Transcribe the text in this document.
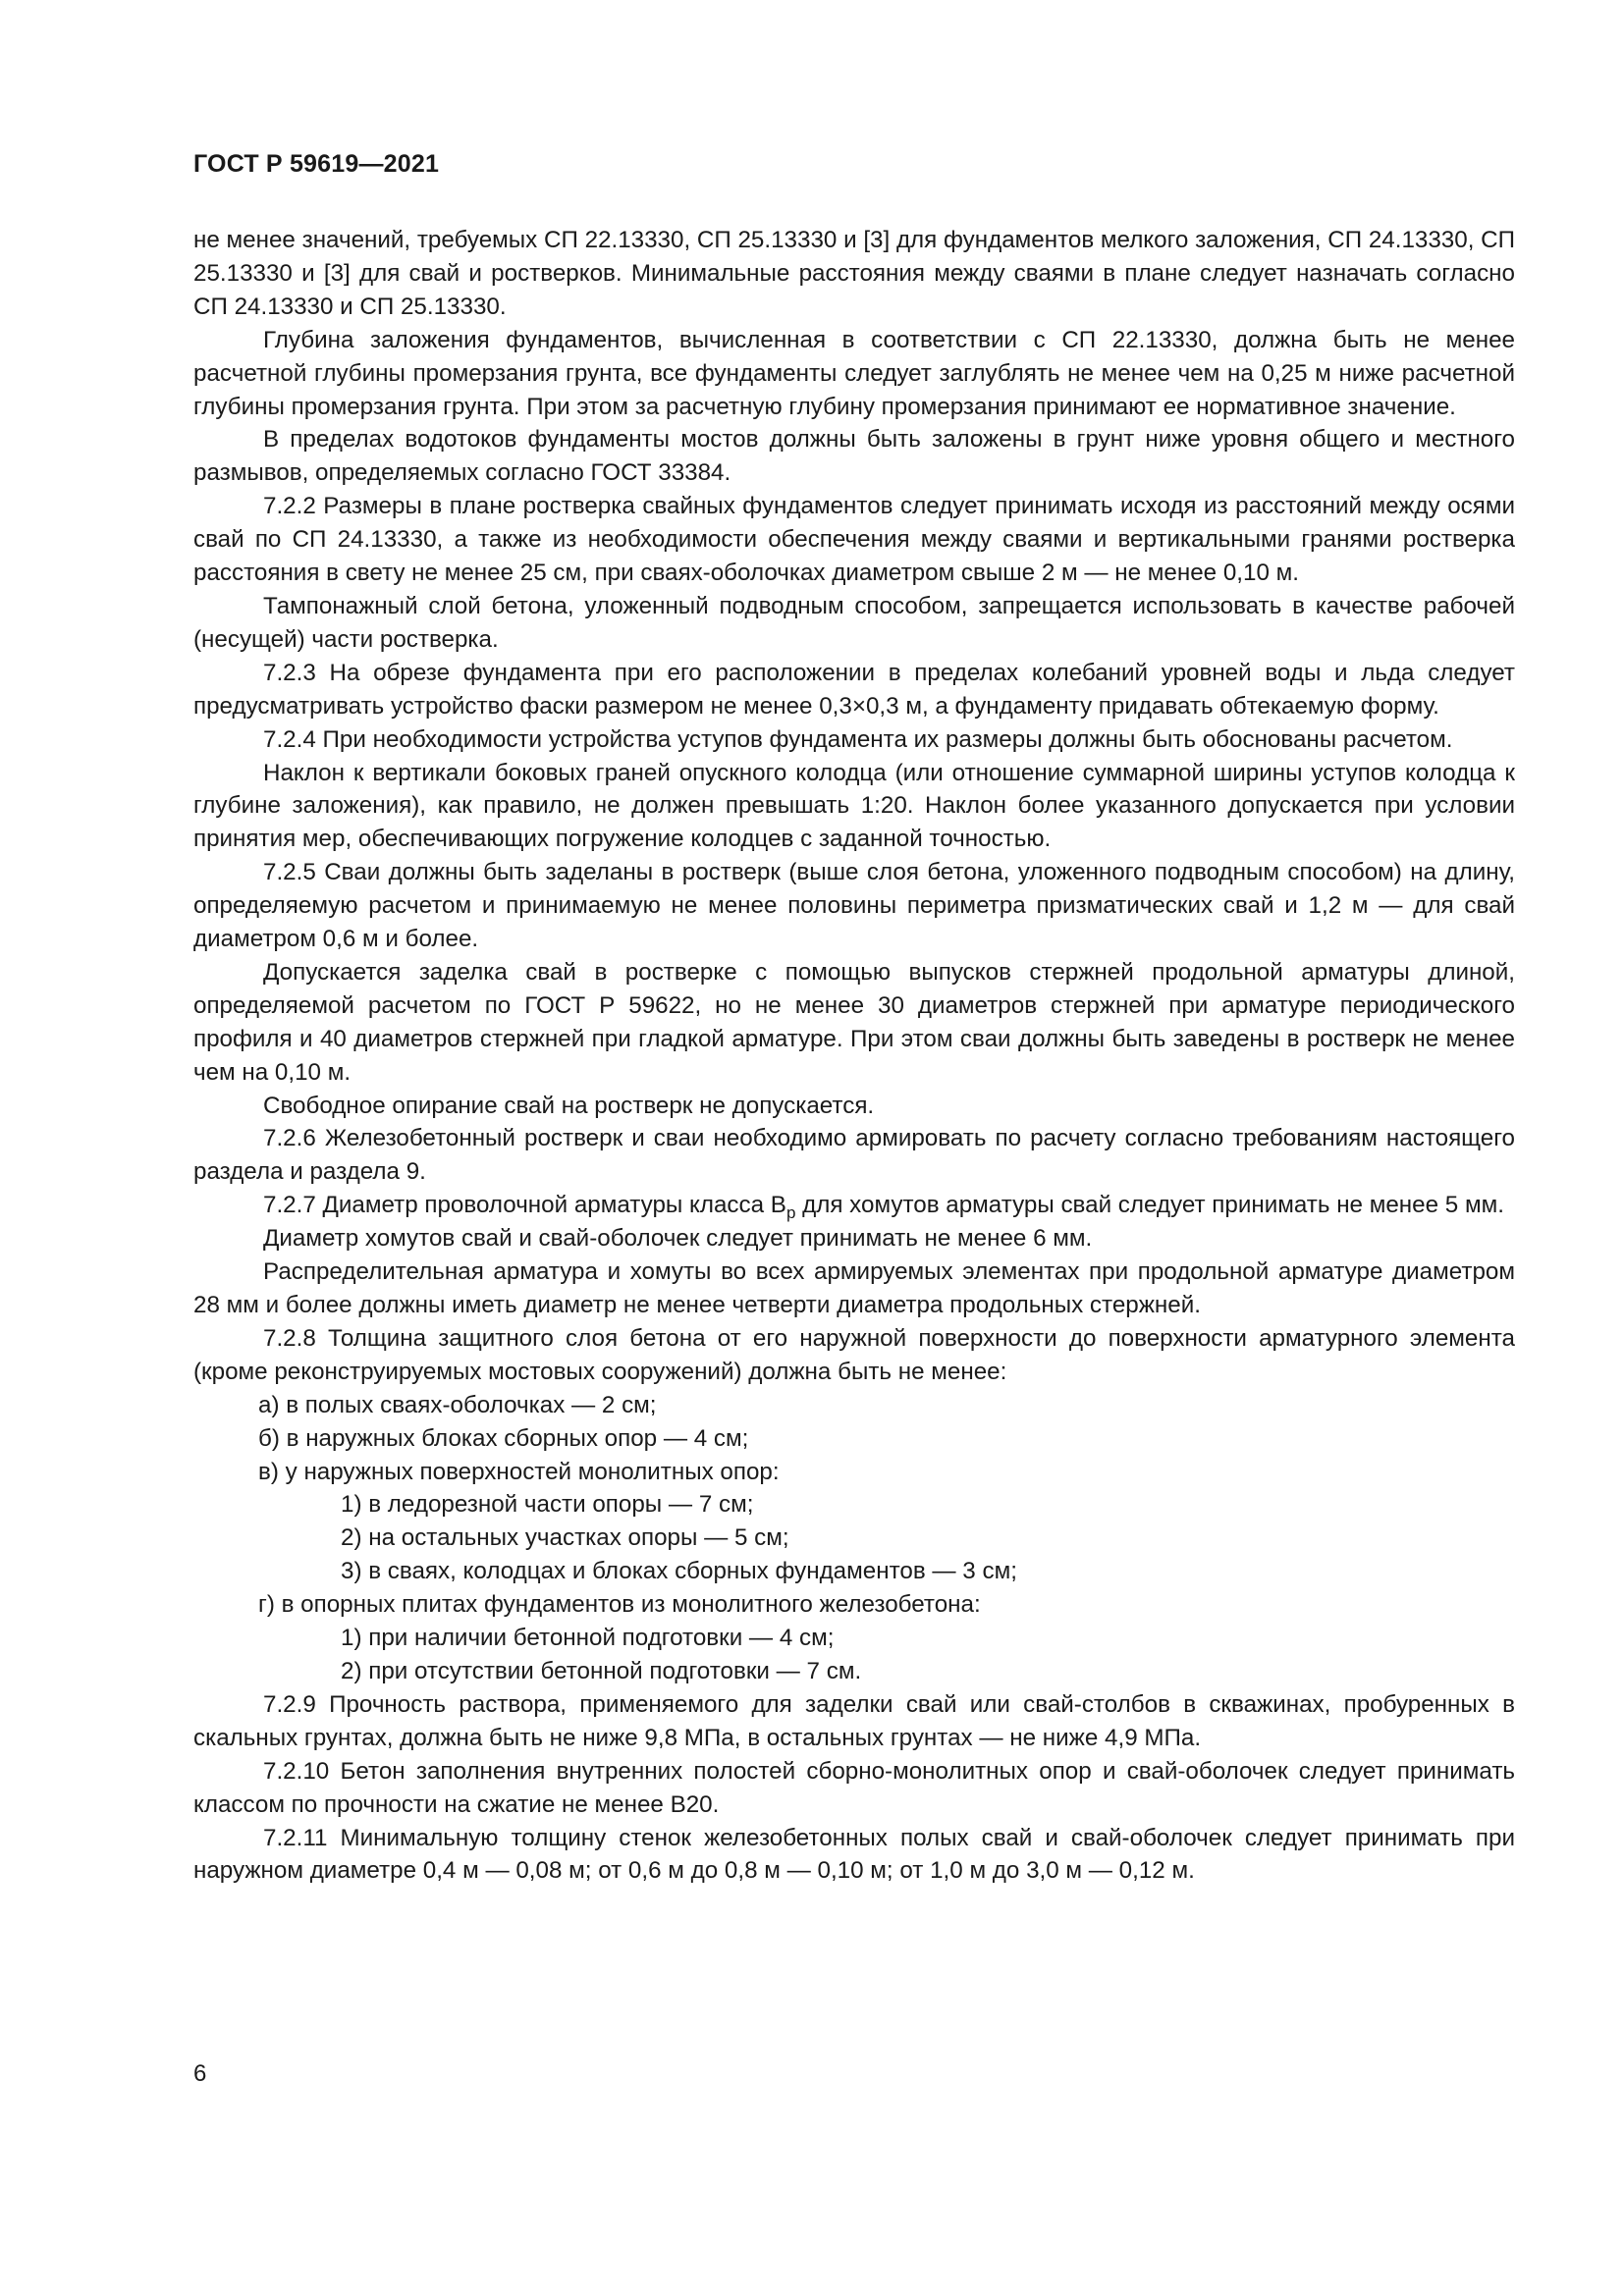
ГОСТ Р 59619—2021

не менее значений, требуемых СП 22.13330, СП 25.13330 и [3] для фундаментов мелкого заложения, СП 24.13330, СП 25.13330 и [3] для свай и ростверков. Минимальные расстояния между сваями в плане следует назначать согласно СП 24.13330 и СП 25.13330.

Глубина заложения фундаментов, вычисленная в соответствии с СП 22.13330, должна быть не менее расчетной глубины промерзания грунта, все фундаменты следует заглублять не менее чем на 0,25 м ниже расчетной глубины промерзания грунта. При этом за расчетную глубину промерзания принимают ее нормативное значение.

В пределах водотоков фундаменты мостов должны быть заложены в грунт ниже уровня общего и местного размывов, определяемых согласно ГОСТ 33384.

7.2.2 Размеры в плане ростверка свайных фундаментов следует принимать исходя из расстояний между осями свай по СП 24.13330, а также из необходимости обеспечения между сваями и вертикальными гранями ростверка расстояния в свету не менее 25 см, при сваях-оболочках диаметром свыше 2 м — не менее 0,10 м.

Тампонажный слой бетона, уложенный подводным способом, запрещается использовать в качестве рабочей (несущей) части ростверка.

7.2.3 На обрезе фундамента при его расположении в пределах колебаний уровней воды и льда следует предусматривать устройство фаски размером не менее 0,3×0,3 м, а фундаменту придавать обтекаемую форму.

7.2.4 При необходимости устройства уступов фундамента их размеры должны быть обоснованы расчетом.

Наклон к вертикали боковых граней опускного колодца (или отношение суммарной ширины уступов колодца к глубине заложения), как правило, не должен превышать 1:20. Наклон более указанного допускается при условии принятия мер, обеспечивающих погружение колодцев с заданной точностью.

7.2.5 Сваи должны быть заделаны в ростверк (выше слоя бетона, уложенного подводным способом) на длину, определяемую расчетом и принимаемую не менее половины периметра призматических свай и 1,2 м — для свай диаметром 0,6 м и более.

Допускается заделка свай в ростверке с помощью выпусков стержней продольной арматуры длиной, определяемой расчетом по ГОСТ Р 59622, но не менее 30 диаметров стержней при арматуре периодического профиля и 40 диаметров стержней при гладкой арматуре. При этом сваи должны быть заведены в ростверк не менее чем на 0,10 м.

Свободное опирание свай на ростверк не допускается.

7.2.6 Железобетонный ростверк и сваи необходимо армировать по расчету согласно требованиям настоящего раздела и раздела 9.

7.2.7 Диаметр проволочной арматуры класса $В_р$ для хомутов арматуры свай следует принимать не менее 5 мм.

Диаметр хомутов свай и свай-оболочек следует принимать не менее 6 мм.

Распределительная арматура и хомуты во всех армируемых элементах при продольной арматуре диаметром 28 мм и более должны иметь диаметр не менее четверти диаметра продольных стержней.

7.2.8 Толщина защитного слоя бетона от его наружной поверхности до поверхности арматурного элемента (кроме реконструируемых мостовых сооружений) должна быть не менее:

а) в полых сваях-оболочках — 2 см;

б) в наружных блоках сборных опор — 4 см;

в) у наружных поверхностей монолитных опор:

1) в ледорезной части опоры — 7 см;

2) на остальных участках опоры — 5 см;

3) в сваях, колодцах и блоках сборных фундаментов — 3 см;

г) в опорных плитах фундаментов из монолитного железобетона:

1) при наличии бетонной подготовки — 4 см;

2) при отсутствии бетонной подготовки — 7 см.

7.2.9 Прочность раствора, применяемого для заделки свай или свай-столбов в скважинах, пробуренных в скальных грунтах, должна быть не ниже 9,8 МПа, в остальных грунтах — не ниже 4,9 МПа.

7.2.10 Бетон заполнения внутренних полостей сборно-монолитных опор и свай-оболочек следует принимать классом по прочности на сжатие не менее В20.

7.2.11 Минимальную толщину стенок железобетонных полых свай и свай-оболочек следует принимать при наружном диаметре 0,4 м — 0,08 м; от 0,6 м до 0,8 м — 0,10 м; от 1,0 м до 3,0 м — 0,12 м.

6
